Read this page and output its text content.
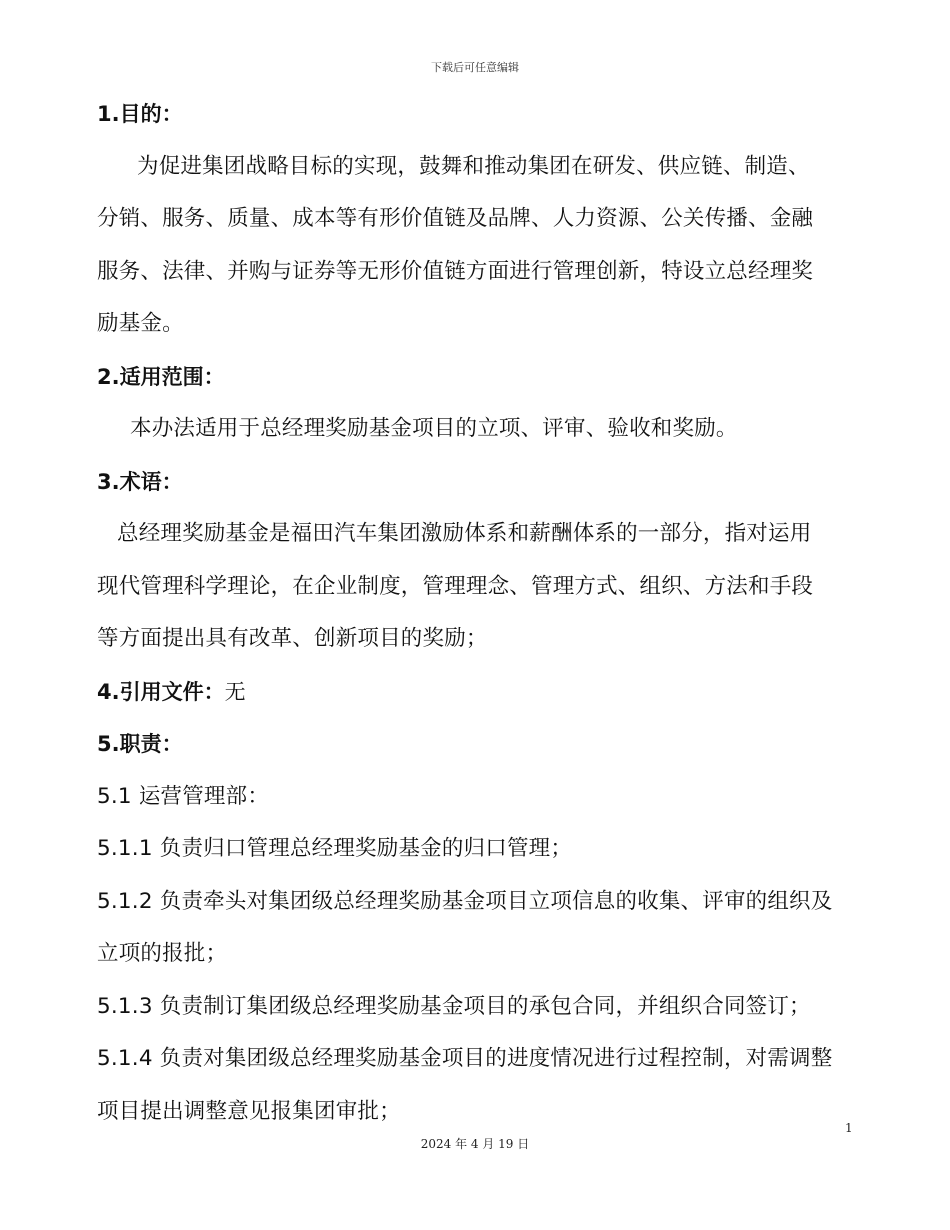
下载后可任意编辑
1.目的：
为促进集团战略目标的实现，鼓舞和推动集团在研发、供应链、制造、
分销、服务、质量、成本等有形价值链及品牌、人力资源、公关传播、金融
服务、法律、并购与证券等无形价值链方面进行管理创新，特设立总经理奖
励基金。
2.适用范围：
本办法适用于总经理奖励基金项目的立项、评审、验收和奖励。
3.术语：
总经理奖励基金是福田汽车集团激励体系和薪酬体系的一部分，指对运用
现代管理科学理论，在企业制度，管理理念、管理方式、组织、方法和手段
等方面提出具有改革、创新项目的奖励；
4.引用文件：无
5.职责：
5.1 运营管理部：
5.1.1 负责归口管理总经理奖励基金的归口管理；
5.1.2 负责牵头对集团级总经理奖励基金项目立项信息的收集、评审的组织及
立项的报批；
5.1.3 负责制订集团级总经理奖励基金项目的承包合同，并组织合同签订；
5.1.4 负责对集团级总经理奖励基金项目的进度情况进行过程控制，对需调整
项目提出调整意见报集团审批；
1
2024 年 4 月 19 日
